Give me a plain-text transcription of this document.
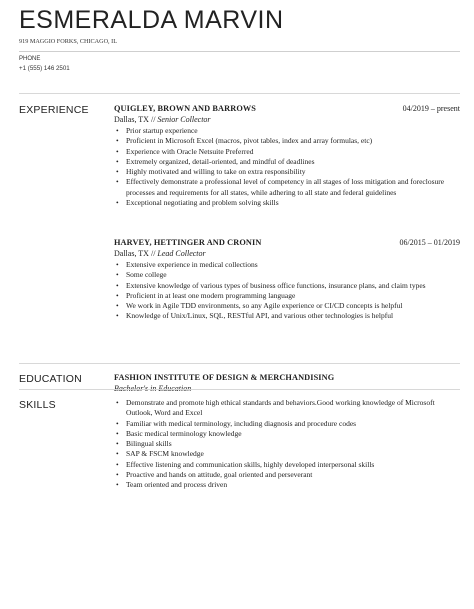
ESMERALDA MARVIN
919 MAGGIO FORKS, CHICAGO, IL
PHONE
+1 (555) 146 2501
EXPERIENCE	QUIGLEY, BROWN AND BARROWS	04/2019 – present
Dallas, TX // Senior Collector
• Prior startup experience
• Proficient in Microsoft Excel (macros, pivot tables, index and array formulas, etc)
• Experience with Oracle Netsuite Preferred
• Extremely organized, detail-oriented, and mindful of deadlines
• Highly motivated and willing to take on extra responsibility
• Effectively demonstrate a professional level of competency in all stages of loss mitigation and foreclosure processes and requirements for all states, while adhering to all state and federal guidelines
• Exceptional negotiating and problem solving skills
HARVEY, HETTINGER AND CRONIN	06/2015 – 01/2019
Dallas, TX // Lead Collector
• Extensive experience in medical collections
• Some college
• Extensive knowledge of various types of business office functions, insurance plans, and claim types
• Proficient in at least one modern programming language
• We work in Agile TDD environments, so any Agile experience or CI/CD concepts is helpful
• Knowledge of Unix/Linux, SQL, RESTful API, and various other technologies is helpful
EDUCATION	FASHION INSTITUTE OF DESIGN & MERCHANDISING
Bachelor's in Education
SKILLS
•	Demonstrate and promote high ethical standards and behaviors.Good working knowledge of Microsoft Outlook, Word and Excel
• Familiar with medical terminology, including diagnosis and procedure codes
• Basic medical terminology knowledge
• Bilingual skills
• SAP & FSCM knowledge
• Effective listening and communication skills, highly developed interpersonal skills
• Proactive and hands on attitude, goal oriented and perseverant
• Team oriented and process driven
